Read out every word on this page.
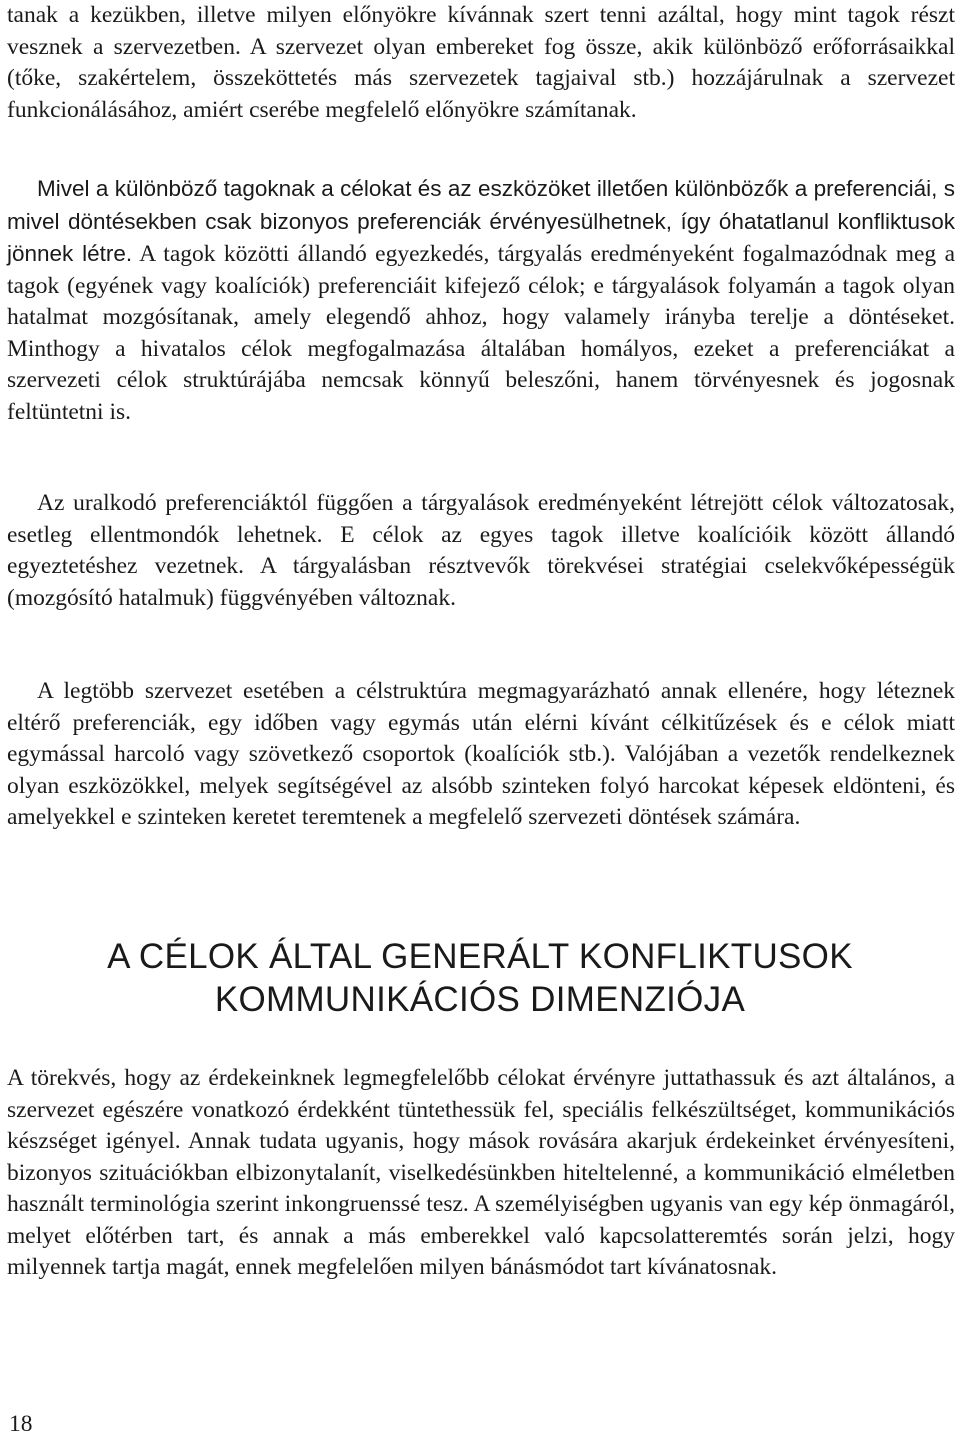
tanak a kezükben, illetve milyen előnyökre kívánnak szert tenni azáltal, hogy mint tagok részt vesznek a szervezetben. A szervezet olyan embereket fog össze, akik különböző erőforrásaikkal (tőke, szakértelem, összeköttetés más szervezetek tagjaival stb.) hozzájárulnak a szervezet funkcionálásához, amiért cserébe megfelelő előnyökre számítanak.

Mivel a különböző tagoknak a célokat és az eszközöket illetően különbözők a preferenciái, s mivel döntésekben csak bizonyos preferenciák érvényesülhetnek, így óhatatlanul konfliktusok jönnek létre. A tagok közötti állandó egyezkedés, tárgyalás eredményeként fogalmazódnak meg a tagok (egyének vagy koalíciók) preferenciáit kifejező célok; e tárgyalások folyamán a tagok olyan hatalmat mozgósítanak, amely elegendő ahhoz, hogy valamely irányba terelje a döntéseket. Minthogy a hivatalos célok megfogalmazása általában homályos, ezeket a preferenciákat a szervezeti célok struktúrájába nemcsak könnyű beleszőni, hanem törvényesnek és jogosnak feltüntetni is.

Az uralkodó preferenciáktól függően a tárgyalások eredményeként létrejött célok változatosak, esetleg ellentmondók lehetnek. E célok az egyes tagok illetve koalícióik között állandó egyeztetéshez vezetnek. A tárgyalásban résztvevők törekvései stratégiai cselekvőképességük (mozgósító hatalmuk) függvényében változnak.

A legtöbb szervezet esetében a célstruktúra megmagyarázható annak ellenére, hogy léteznek eltérő preferenciák, egy időben vagy egymás után elérni kívánt célkitűzések és e célok miatt egymással harcoló vagy szövetkező csoportok (koalíciók stb.). Valójában a vezetők rendelkeznek olyan eszközökkel, melyek segítségével az alsóbb szinteken folyó harcokat képesek eldönteni, és amelyekkel e szinteken keretet teremtenek a megfelelő szervezeti döntések számára.

A CÉLOK ÁLTAL GENERÁLT KONFLIKTUSOK
KOMMUNIKÁCIÓS DIMENZIÓJA

A törekvés, hogy az érdekeinknek legmegfelelőbb célokat érvényre juttathassuk és azt általános, a szervezet egészére vonatkozó érdekként tüntethessük fel, speciális felkészültséget, kommunikációs készséget igényel. Annak tudata ugyanis, hogy mások rovására akarjuk érdekeinket érvényesíteni, bizonyos szituációkban elbizonytalanít, viselkedésünkben hiteltelenné, a kommunikáció elméletben használt terminológia szerint inkongruenssé tesz. A személyiségben ugyanis van egy kép önmagáról, melyet előtérben tart, és annak a más emberekkel való kapcsolatteremtés során jelzi, hogy milyennek tartja magát, ennek megfelelően milyen bánásmódot tart kívánatosnak.

18
